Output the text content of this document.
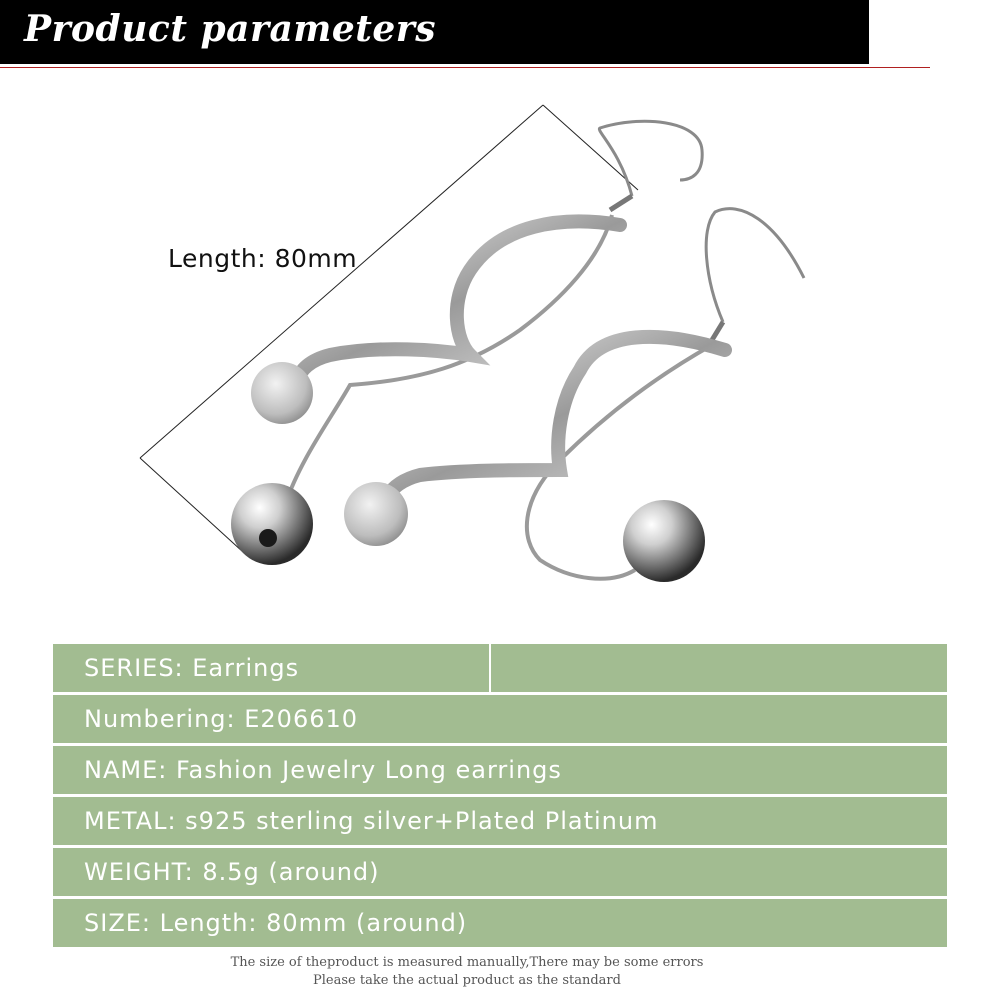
Product parameters
Length: 80mm
SERIES: Earrings
Numbering: E206610
NAME: Fashion Jewelry Long earrings
METAL: s925 sterling silver+Plated Platinum
WEIGHT: 8.5g (around)
SIZE: Length: 80mm (around)
The size of theproduct is measured manually,There may be some errors
Please take the actual product as the standard
